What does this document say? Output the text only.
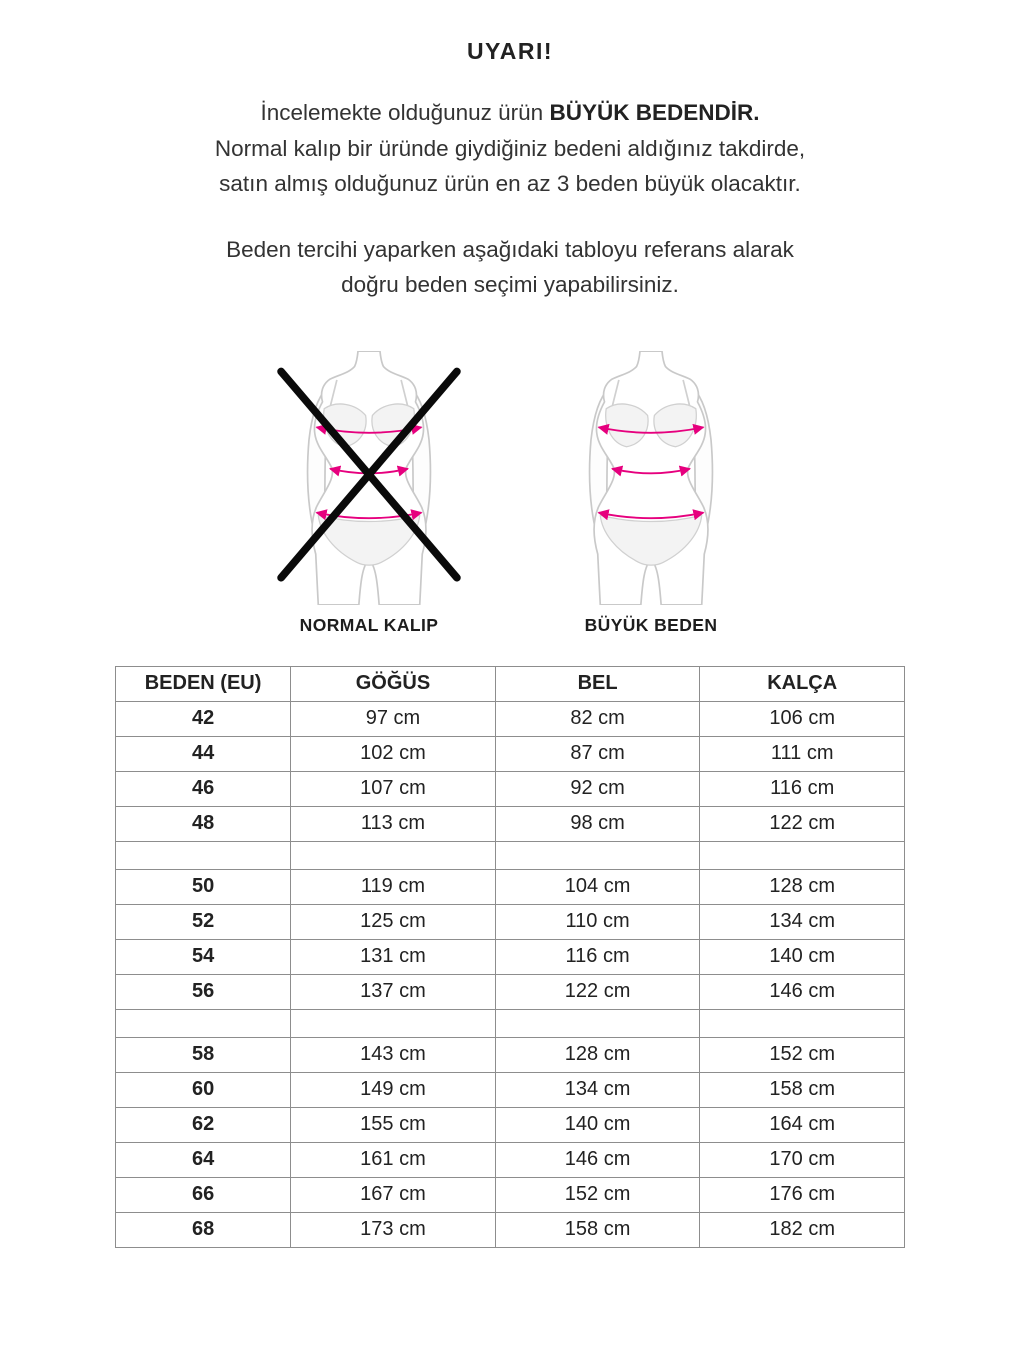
UYARI!

İncelemekte olduğunuz ürün BÜYÜK BEDENDİR.
Normal kalıp bir üründe giydiğiniz bedeni aldığınız takdirde,
satın almış olduğunuz ürün en az 3 beden büyük olacaktır.

Beden tercihi yaparken aşağıdaki tabloyu referans alarak
doğru beden seçimi yapabilirsiniz.

NORMAL KALIP	BÜYÜK BEDEN
BEDEN (EU)	GÖĞÜS	BEL	KALÇA
42	97 cm	82 cm	106 cm
44	102 cm	87 cm	111 cm
46	107 cm	92 cm	116 cm
48	113 cm	98 cm	122 cm

50	119 cm	104 cm	128 cm
52	125 cm	110 cm	134 cm
54	131 cm	116 cm	140 cm
56	137 cm	122 cm	146 cm

58	143 cm	128 cm	152 cm
60	149 cm	134 cm	158 cm
62	155 cm	140 cm	164 cm
64	161 cm	146 cm	170 cm
66	167 cm	152 cm	176 cm
68	173 cm	158 cm	182 cm
